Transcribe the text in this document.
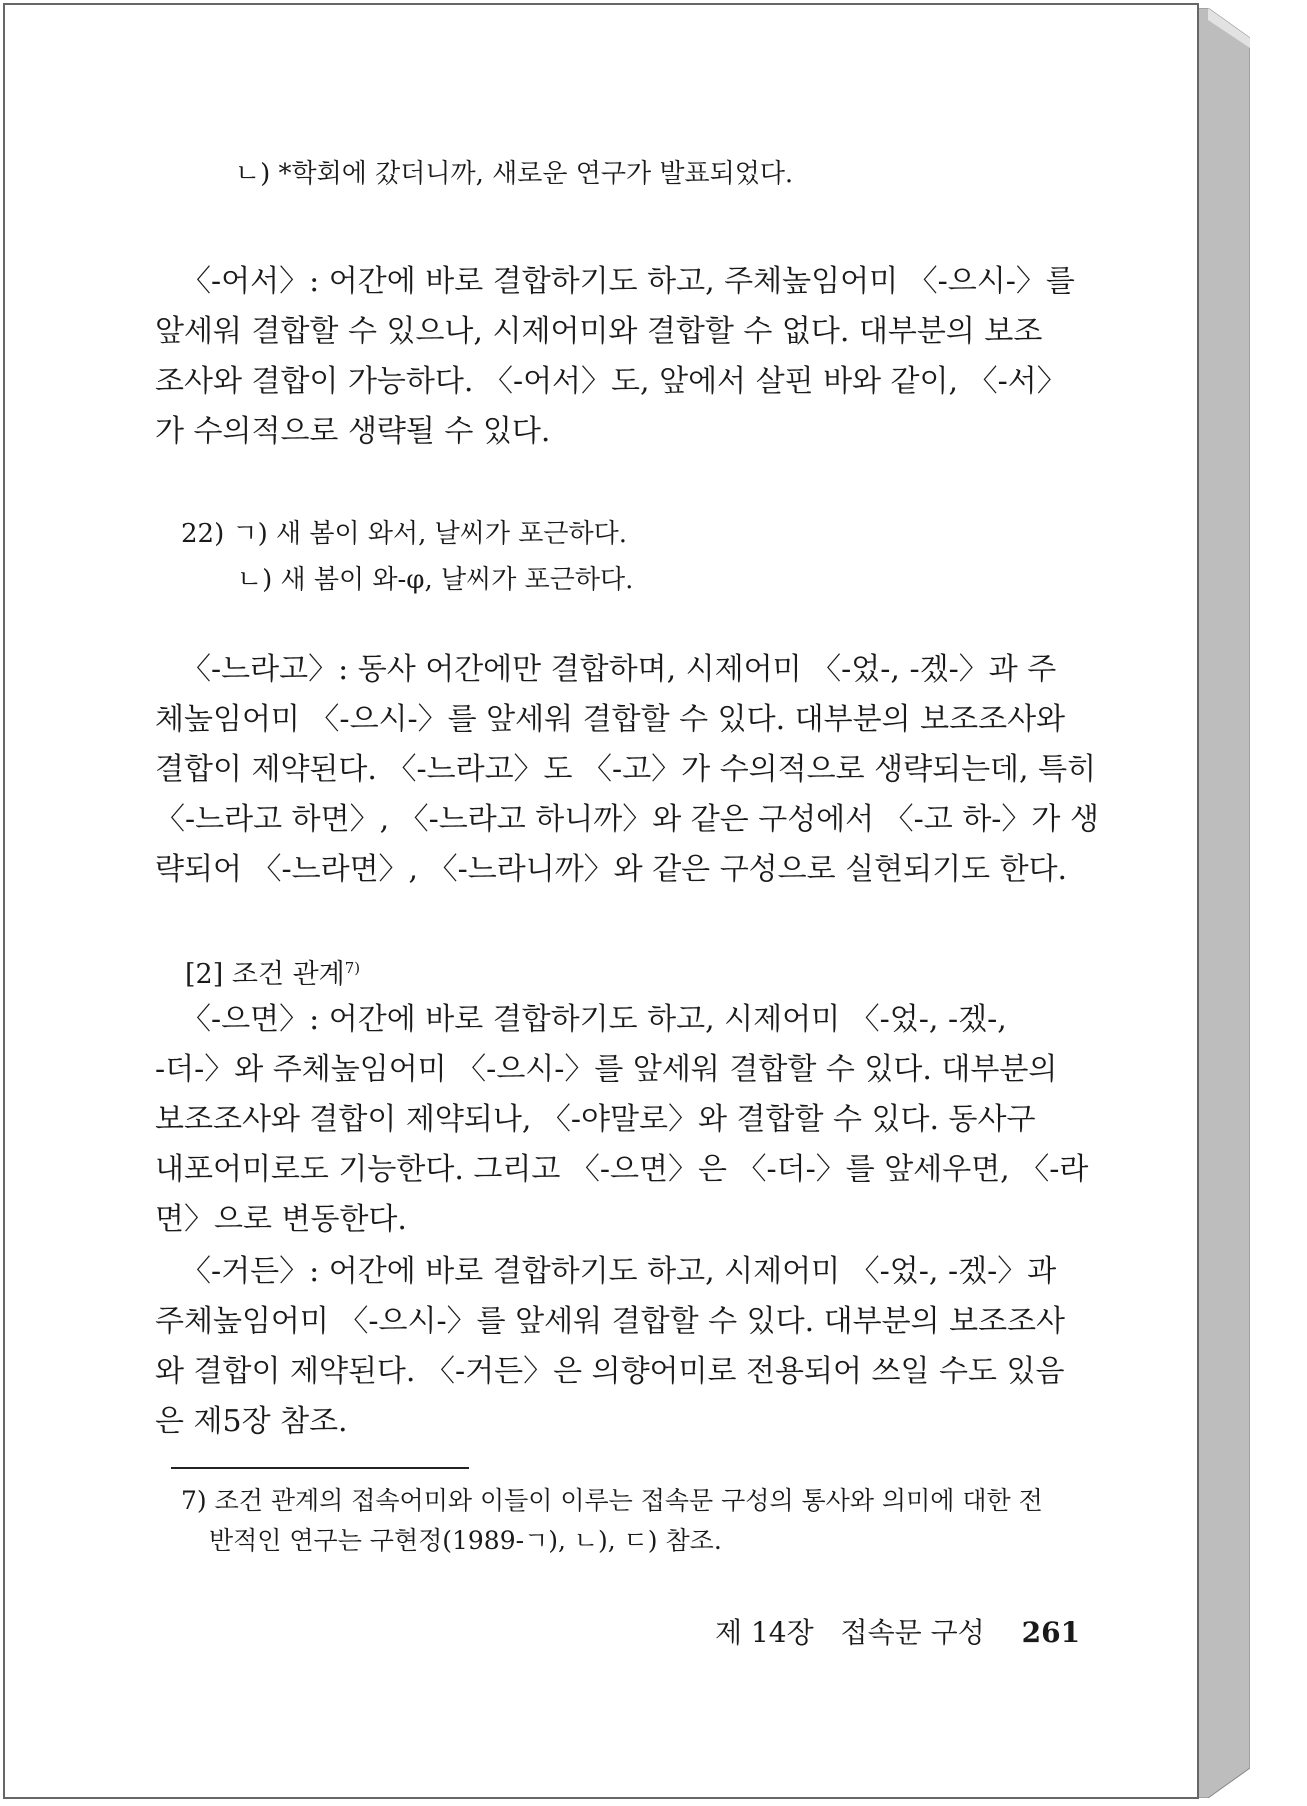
ㄴ) *학회에 갔더니까, 새로운 연구가 발표되었다.
〈-어서〉: 어간에 바로 결합하기도 하고, 주체높임어미 〈-으시-〉를
앞세워 결합할 수 있으나, 시제어미와 결합할 수 없다. 대부분의 보조
조사와 결합이 가능하다. 〈-어서〉도, 앞에서 살핀 바와 같이, 〈-서〉
가 수의적으로 생략될 수 있다.
22) ㄱ) 새 봄이 와서, 날씨가 포근하다.
ㄴ) 새 봄이 와-φ, 날씨가 포근하다.
〈-느라고〉: 동사 어간에만 결합하며, 시제어미 〈-었-, -겠-〉과 주
체높임어미 〈-으시-〉를 앞세워 결합할 수 있다. 대부분의 보조조사와
결합이 제약된다. 〈-느라고〉도 〈-고〉가 수의적으로 생략되는데, 특히
〈-느라고 하면〉, 〈-느라고 하니까〉와 같은 구성에서 〈-고 하-〉가 생
략되어 〈-느라면〉, 〈-느라니까〉와 같은 구성으로 실현되기도 한다.
[2] 조건 관계$^{7)}$
〈-으면〉: 어간에 바로 결합하기도 하고, 시제어미 〈-었-, -겠-,
-더-〉와 주체높임어미 〈-으시-〉를 앞세워 결합할 수 있다. 대부분의
보조조사와 결합이 제약되나, 〈-야말로〉와 결합할 수 있다. 동사구
내포어미로도 기능한다. 그리고 〈-으면〉은 〈-더-〉를 앞세우면, 〈-라
면〉으로 변동한다.
〈-거든〉: 어간에 바로 결합하기도 하고, 시제어미 〈-었-, -겠-〉과
주체높임어미 〈-으시-〉를 앞세워 결합할 수 있다. 대부분의 보조조사
와 결합이 제약된다. 〈-거든〉은 의향어미로 전용되어 쓰일 수도 있음
은 제5장 참조.
7) 조건 관계의 접속어미와 이들이 이루는 접속문 구성의 통사와 의미에 대한 전
반적인 연구는 구현정(1989-ㄱ), ㄴ), ㄷ) 참조.
제 14장 접속문 구성 261
